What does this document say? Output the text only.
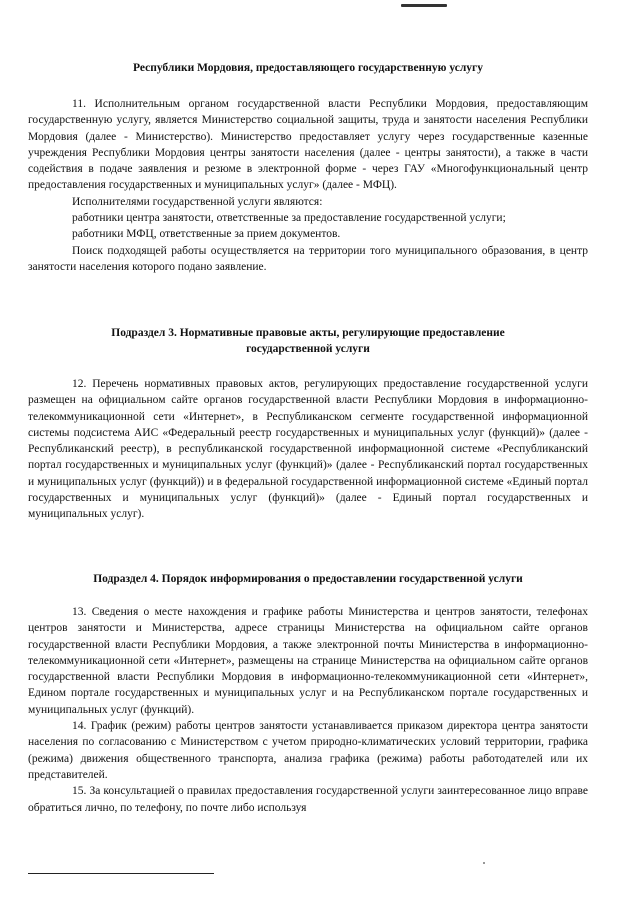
Республики Мордовия, предоставляющего государственную услугу

11. Исполнительным органом государственной власти Республики Мордовия, предоставляющим государственную услугу, является Министерство социальной защиты, труда и занятости населения Республики Мордовия (далее - Министерство). Министерство предоставляет услугу через государственные казенные учреждения Республики Мордовия центры занятости населения (далее - центры занятости), а также в части содействия в подаче заявления и резюме в электронной форме - через ГАУ «Многофункциональный центр предоставления государственных и муниципальных услуг» (далее - МФЦ).

Исполнителями государственной услуги являются:

работники центра занятости, ответственные за предоставление государственной услуги;

работники МФЦ, ответственные за прием документов.

Поиск подходящей работы осуществляется на территории того муниципального образования, в центр занятости населения которого подано заявление.

Подраздел 3. Нормативные правовые акты, регулирующие предоставление государственной услуги

12. Перечень нормативных правовых актов, регулирующих предоставление государственной услуги размещен на официальном сайте органов государственной власти Республики Мордовия в информационно-телекоммуникационной сети «Интернет», в Республиканском сегменте государственной информационной системы подсистема АИС «Федеральный реестр государственных и муниципальных услуг (функций)» (далее - Республиканский реестр), в республиканской государственной информационной системе «Республиканский портал государственных и муниципальных услуг (функций)» (далее - Республиканский портал государственных и муниципальных услуг (функций)) и в федеральной государственной информационной системе «Единый портал государственных и муниципальных услуг (функций)» (далее - Единый портал государственных и муниципальных услуг).

Подраздел 4. Порядок информирования о предоставлении государственной услуги

13. Сведения о месте нахождения и графике работы Министерства и центров занятости, телефонах центров занятости и Министерства, адресе страницы Министерства на официальном сайте органов государственной власти Республики Мордовия, а также электронной почты Министерства в информационно-телекоммуникационной сети «Интернет», размещены на странице Министерства на официальном сайте органов государственной власти Республики Мордовия в информационно-телекоммуникационной сети «Интернет», Едином портале государственных и муниципальных услуг и на Республиканском портале государственных и муниципальных услуг (функций).

14. График (режим) работы центров занятости устанавливается приказом директора центра занятости населения по согласованию с Министерством с учетом природно-климатических условий территории, графика (режима) движения общественного транспорта, анализа графика (режима) работы работодателей или их представителей.

15. За консультацией о правилах предоставления государственной услуги заинтересованное лицо вправе обратиться лично, по телефону, по почте либо используя
